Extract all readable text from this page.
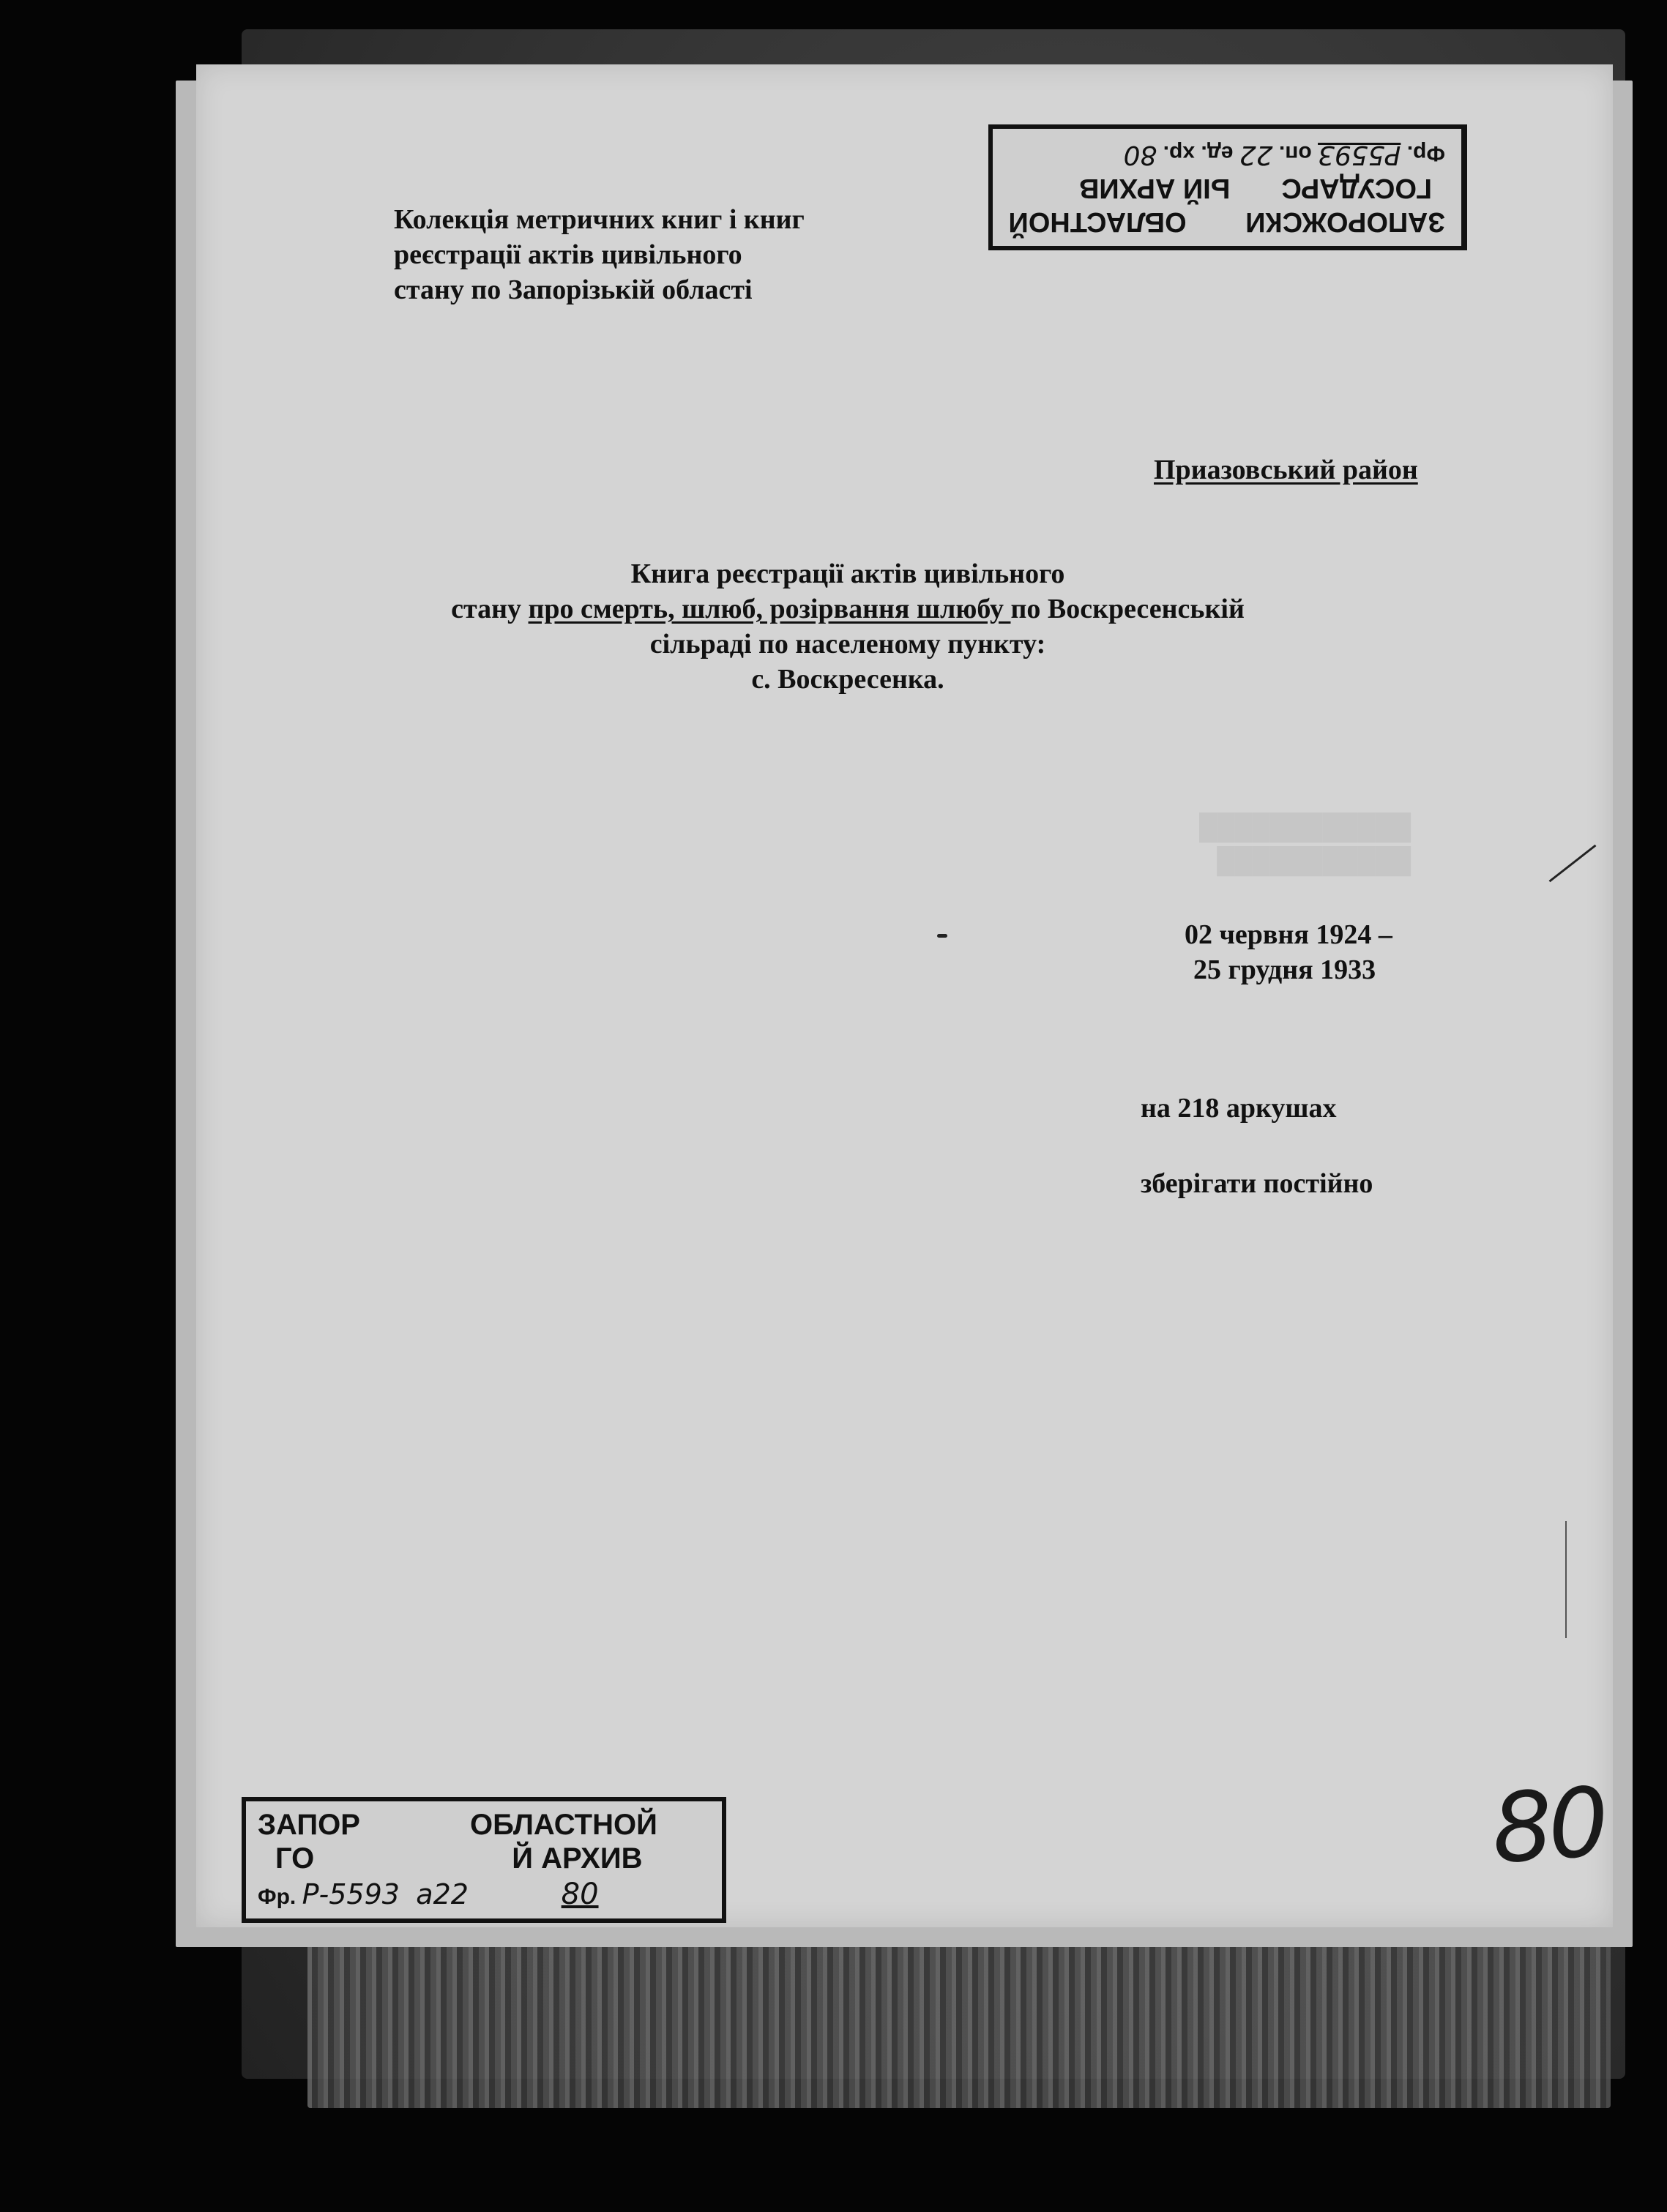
████████████
███████████
Колекція метричних книг і книг
реєстрації актів цивільного
стану по Запорізькій області
Приазовський район
Книга реєстрації актів цивільного
стану про смерть, шлюб, розірвання шлюбу по Воскресенській
сільраді по населеному пункту:
с. Воскресенка.
02 червня 1924 –
25 грудня 1933
на 218 аркушах
зберігати постійно
80
ЗАПОРОЖСКИ ОБЛАСТНОЙ
ГОСУДАРСЫЙ АРХИВ
Фр. Р5593 оп. 22 ед. хр. 80
ЗАПОР	ОБЛАСТНОЙ
ГО	Й АРХИВ
Фр. Р-5593 а22	80
